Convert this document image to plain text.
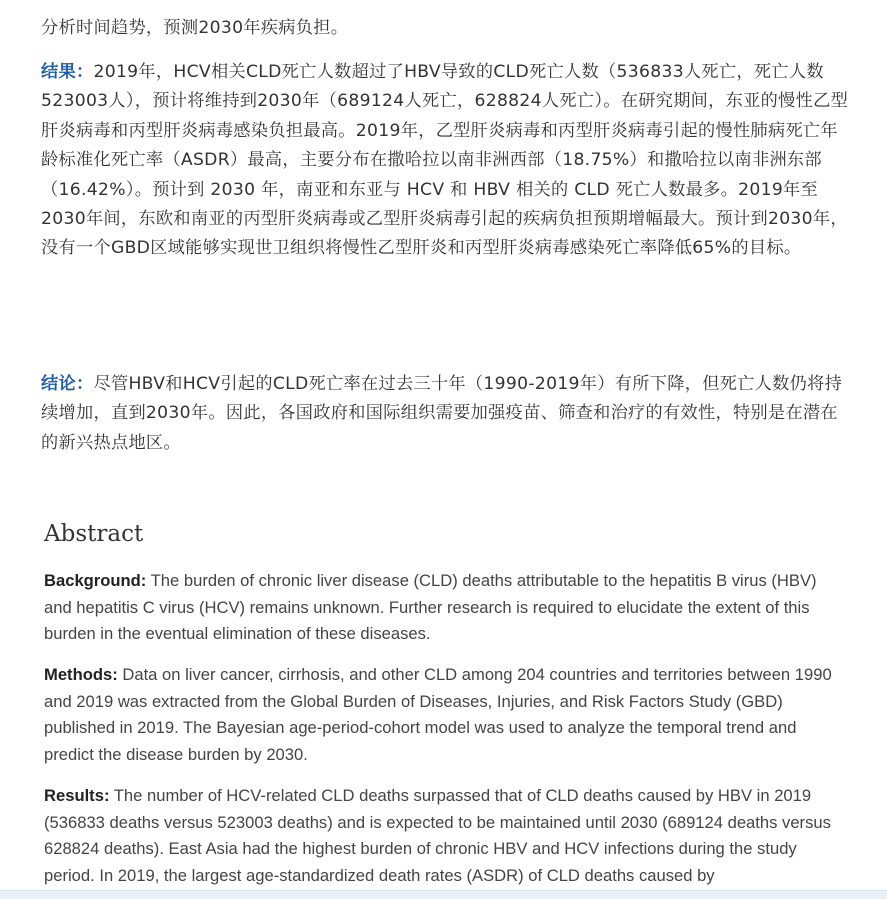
分析时间趋势，预测2030年疾病负担。

结果：2019年，HCV相关CLD死亡人数超过了HBV导致的CLD死亡人数（536833人死亡，死亡人数523003人），预计将维持到2030年（689124人死亡，628824人死亡）。在研究期间，东亚的慢性乙型肝炎病毒和丙型肝炎病毒感染负担最高。2019年，乙型肝炎病毒和丙型肝炎病毒引起的慢性肺病死亡年龄标准化死亡率（ASDR）最高，主要分布在撒哈拉以南非洲西部（18.75%）和撒哈拉以南非洲东部（16.42%）。预计到 2030 年，南亚和东亚与 HCV 和 HBV 相关的 CLD 死亡人数最多。2019年至2030年间，东欧和南亚的丙型肝炎病毒或乙型肝炎病毒引起的疾病负担预期增幅最大。预计到2030年，没有一个GBD区域能够实现世卫组织将慢性乙型肝炎和丙型肝炎病毒感染死亡率降低65%的目标。

结论：尽管HBV和HCV引起的CLD死亡率在过去三十年（1990-2019年）有所下降，但死亡人数仍将持续增加，直到2030年。因此，各国政府和国际组织需要加强疫苗、筛查和治疗的有效性，特别是在潜在的新兴热点地区。

Abstract

Background: The burden of chronic liver disease (CLD) deaths attributable to the hepatitis B virus (HBV) and hepatitis C virus (HCV) remains unknown. Further research is required to elucidate the extent of this burden in the eventual elimination of these diseases.

Methods: Data on liver cancer, cirrhosis, and other CLD among 204 countries and territories between 1990 and 2019 was extracted from the Global Burden of Diseases, Injuries, and Risk Factors Study (GBD) published in 2019. The Bayesian age-period-cohort model was used to analyze the temporal trend and predict the disease burden by 2030.

Results: The number of HCV-related CLD deaths surpassed that of CLD deaths caused by HBV in 2019 (536833 deaths versus 523003 deaths) and is expected to be maintained until 2030 (689124 deaths versus 628824 deaths). East Asia had the highest burden of chronic HBV and HCV infections during the study period. In 2019, the largest age-standardized death rates (ASDR) of CLD deaths caused by
